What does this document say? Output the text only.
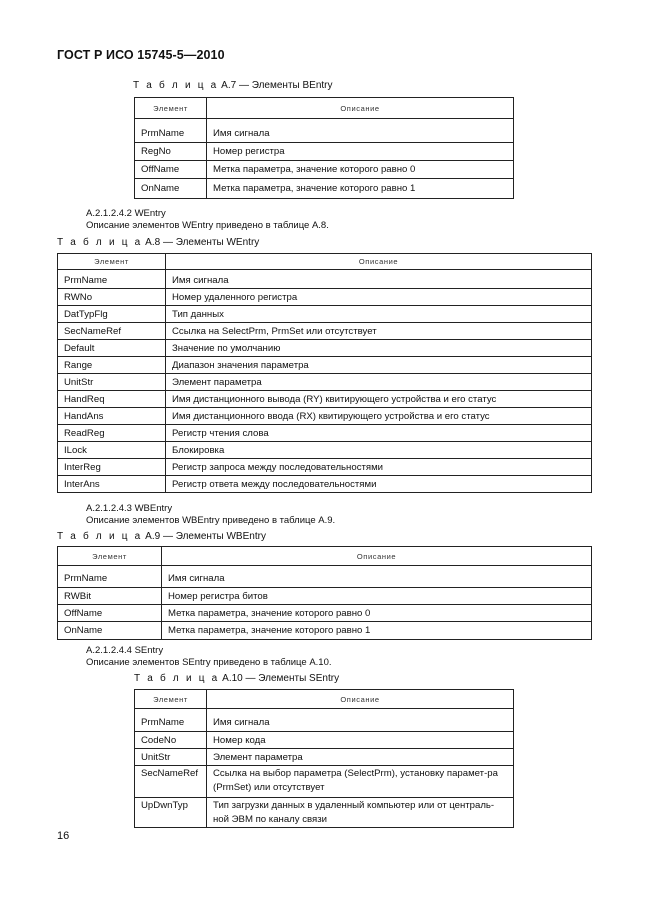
ГОСТ Р ИСО 15745-5—2010
Т а б л и ц а А.7 — Элементы BEntry
Элемент	Описание
PrmName	Имя сигнала
RegNo	Номер регистра
OffName	Метка параметра, значение которого равно 0
OnName	Метка параметра, значение которого равно 1
A.2.1.2.4.2 WEntry
Описание элементов WEntry приведено в таблице А.8.
Т а б л и ц а А.8 — Элементы WEntry
Элемент	Описание
PrmName	Имя сигнала
RWNo	Номер удаленного регистра
DatTypFlg	Тип данных
SecNameRef	Ссылка на SelectPrm, PrmSet или отсутствует
Default	Значение по умолчанию
Range	Диапазон значения параметра
UnitStr	Элемент параметра
HandReq	Имя дистанционного вывода (RY) квитирующего устройства и его статус
HandAns	Имя дистанционного ввода (RX) квитирующего устройства и его статус
ReadReg	Регистр чтения слова
ILock	Блокировка
InterReg	Регистр запроса между последовательностями
InterAns	Регистр ответа между последовательностями
A.2.1.2.4.3 WBEntry
Описание элементов WBEntry приведено в таблице А.9.
Т а б л и ц а А.9 — Элементы WBEntry
Элемент	Описание
PrmName	Имя сигнала
RWBit	Номер регистра битов
OffName	Метка параметра, значение которого равно 0
OnName	Метка параметра, значение которого равно 1
A.2.1.2.4.4 SEntry
Описание элементов SEntry приведено в таблице А.10.
Т а б л и ц а А.10 — Элементы SEntry
Элемент	Описание
PrmName	Имя сигнала
CodeNo	Номер кода
UnitStr	Элемент параметра
SecNameRef	Ссылка на выбор параметра (SelectPrm), установку парамет-ра (PrmSet) или отсутствует
UpDwnTyp	Тип загрузки данных в удаленный компьютер или от централь-ной ЭВМ по каналу связи
16
